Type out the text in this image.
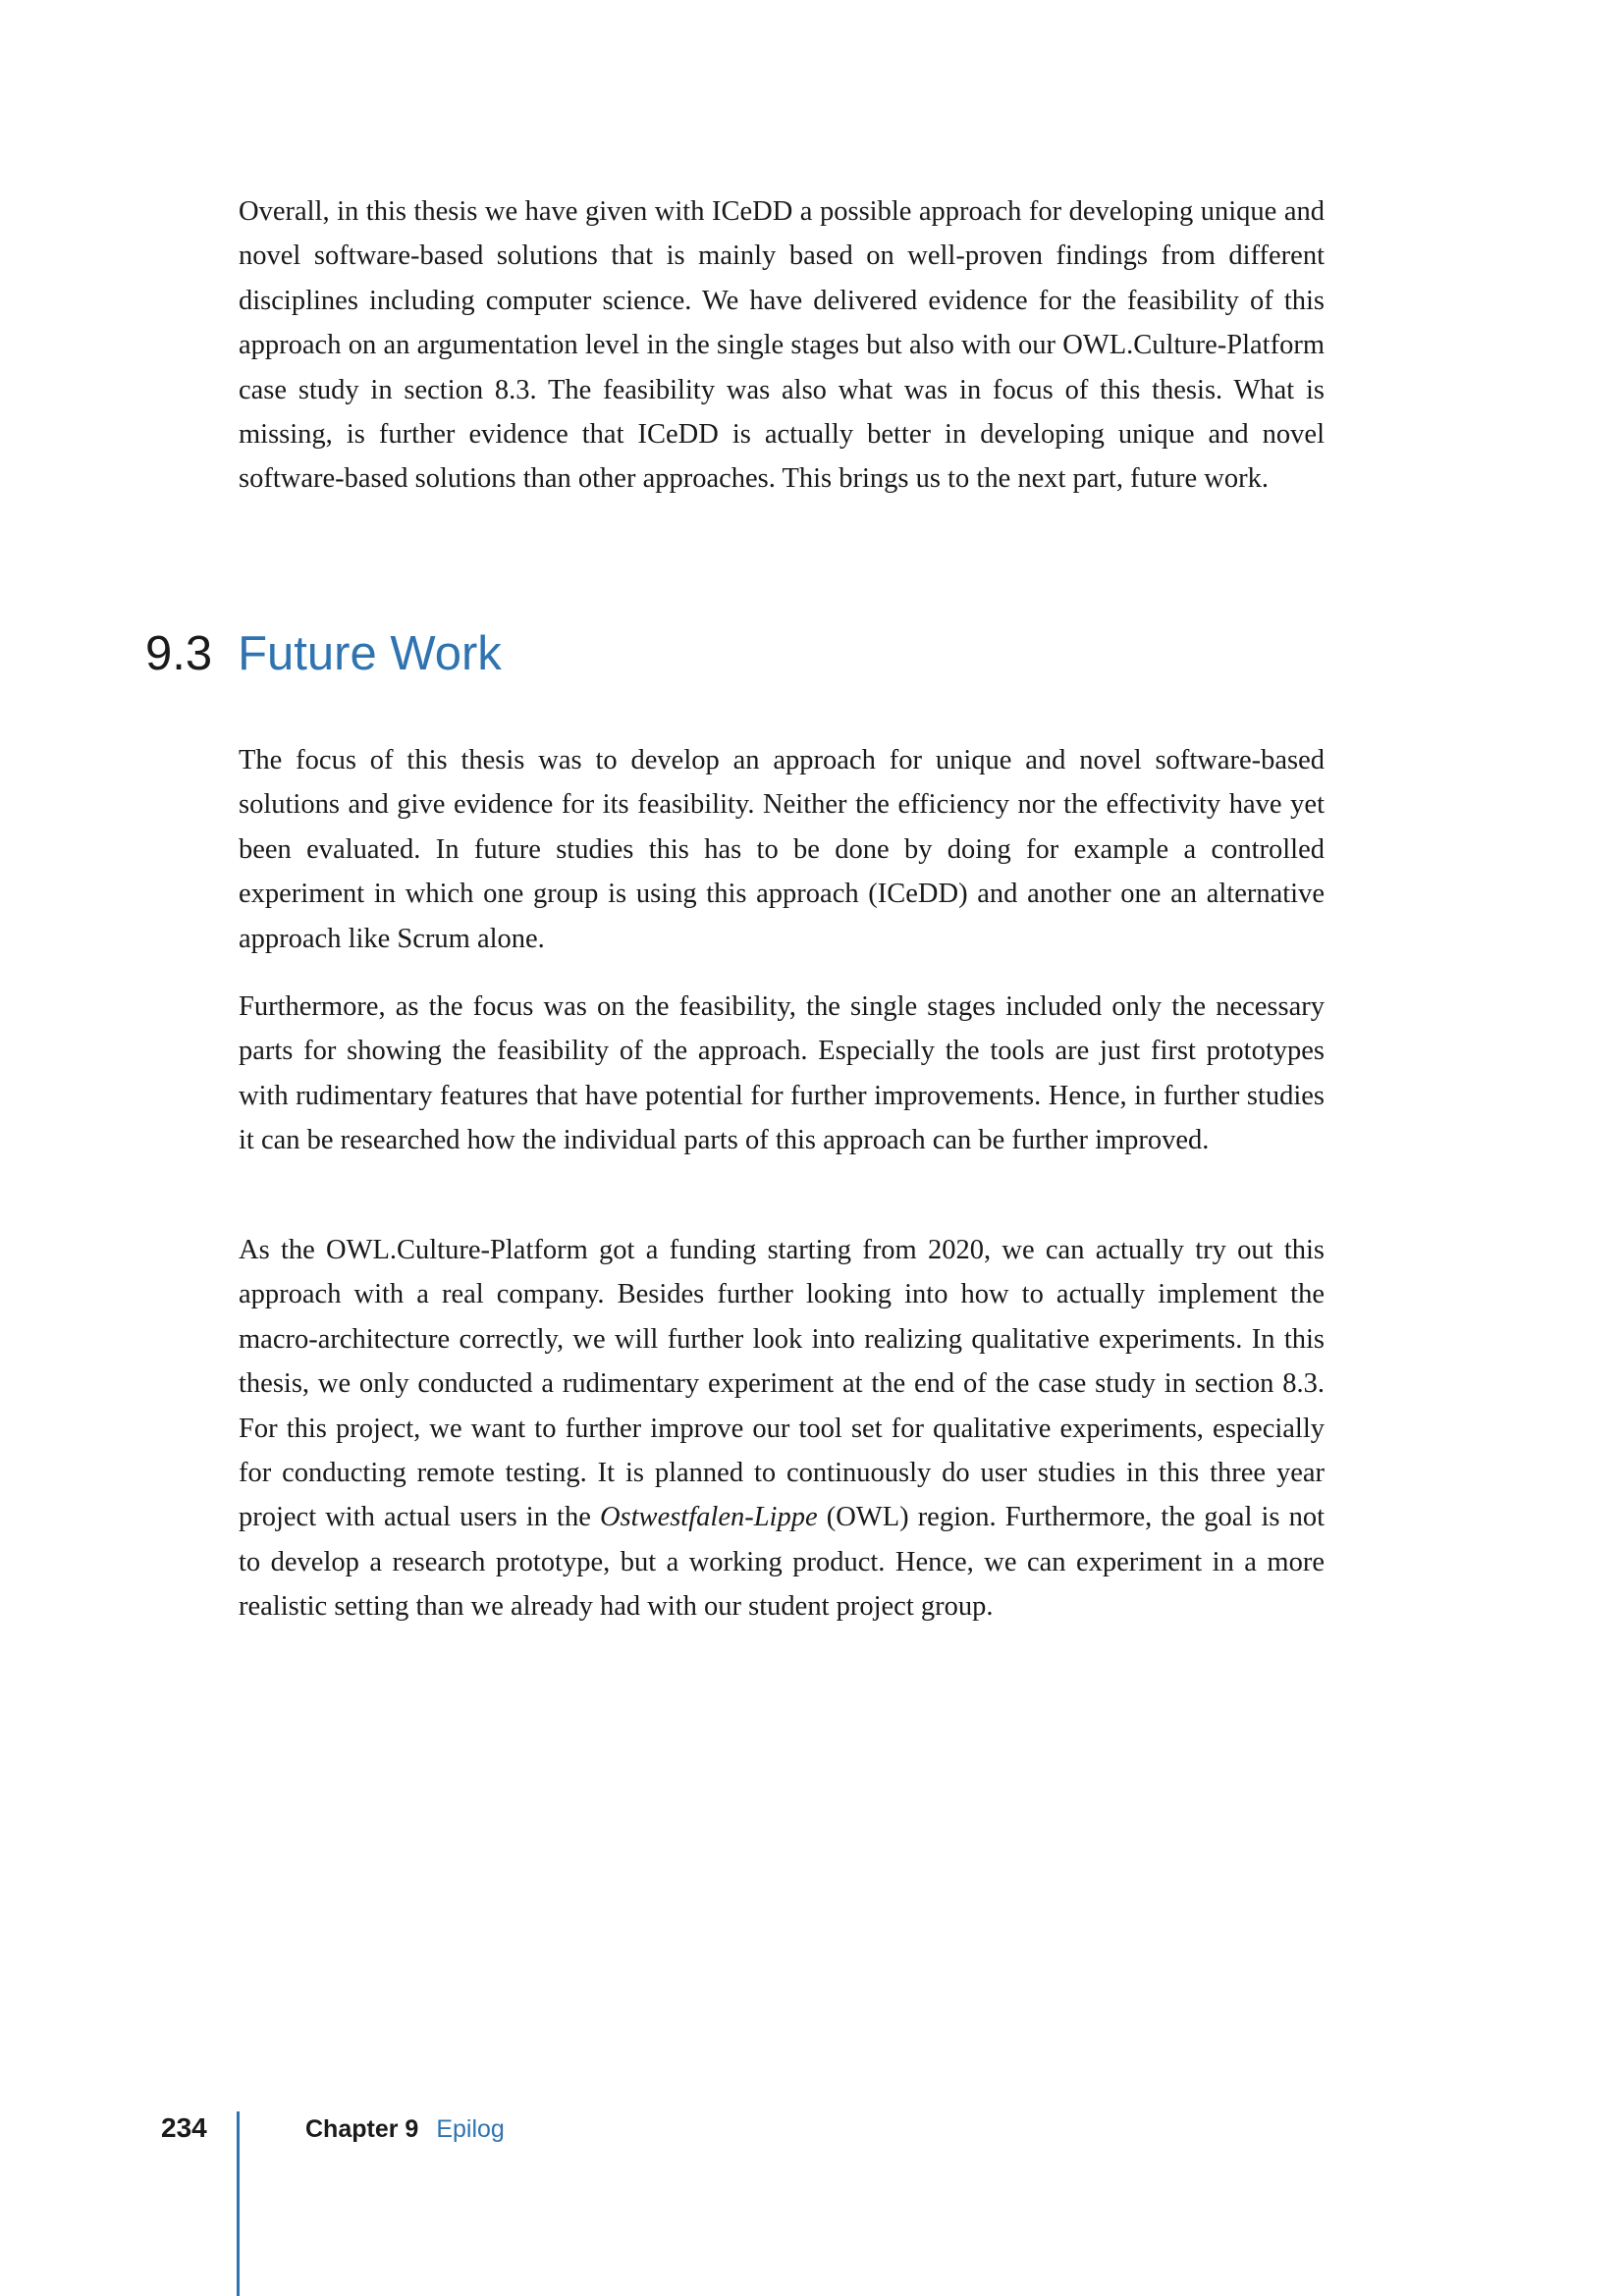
Overall, in this thesis we have given with ICeDD a possible approach for developing unique and novel software-based solutions that is mainly based on well-proven findings from different disciplines including computer science. We have delivered evidence for the feasibility of this approach on an argumentation level in the single stages but also with our OWL.Culture-Platform case study in section 8.3. The feasibility was also what was in focus of this thesis. What is missing, is further evidence that ICeDD is actually better in developing unique and novel software-based solutions than other approaches. This brings us to the next part, future work.

9.3 Future Work

The focus of this thesis was to develop an approach for unique and novel software-based solutions and give evidence for its feasibility. Neither the efficiency nor the effectivity have yet been evaluated. In future studies this has to be done by doing for example a controlled experiment in which one group is using this approach (ICeDD) and another one an alternative approach like Scrum alone.

Furthermore, as the focus was on the feasibility, the single stages included only the necessary parts for showing the feasibility of the approach. Especially the tools are just first prototypes with rudimentary features that have potential for further improvements. Hence, in further studies it can be researched how the individual parts of this approach can be further improved.

As the OWL.Culture-Platform got a funding starting from 2020, we can actually try out this approach with a real company. Besides further looking into how to actually implement the macro-architecture correctly, we will further look into realizing qualitative experiments. In this thesis, we only conducted a rudimentary experiment at the end of the case study in section 8.3. For this project, we want to further improve our tool set for qualitative experiments, especially for conducting remote testing. It is planned to continuously do user studies in this three year project with actual users in the Ostwestfalen-Lippe (OWL) region. Furthermore, the goal is not to develop a research prototype, but a working product. Hence, we can experiment in a more realistic setting than we already had with our student project group.

234	Chapter 9 Epilog
